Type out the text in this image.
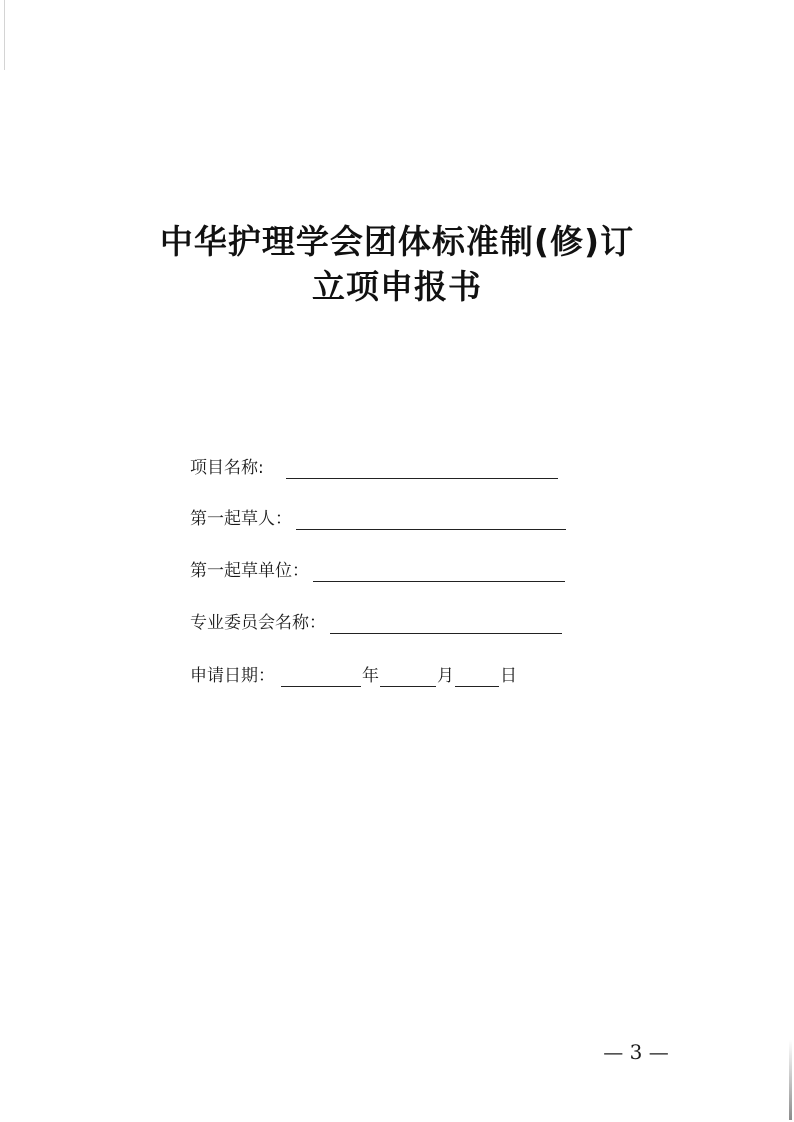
中华护理学会团体标准制(修)订
立项申报书
项目名称:
第一起草人：
第一起草单位：
专业委员会名称：
申请日期：	年	月	日
— 3 —
